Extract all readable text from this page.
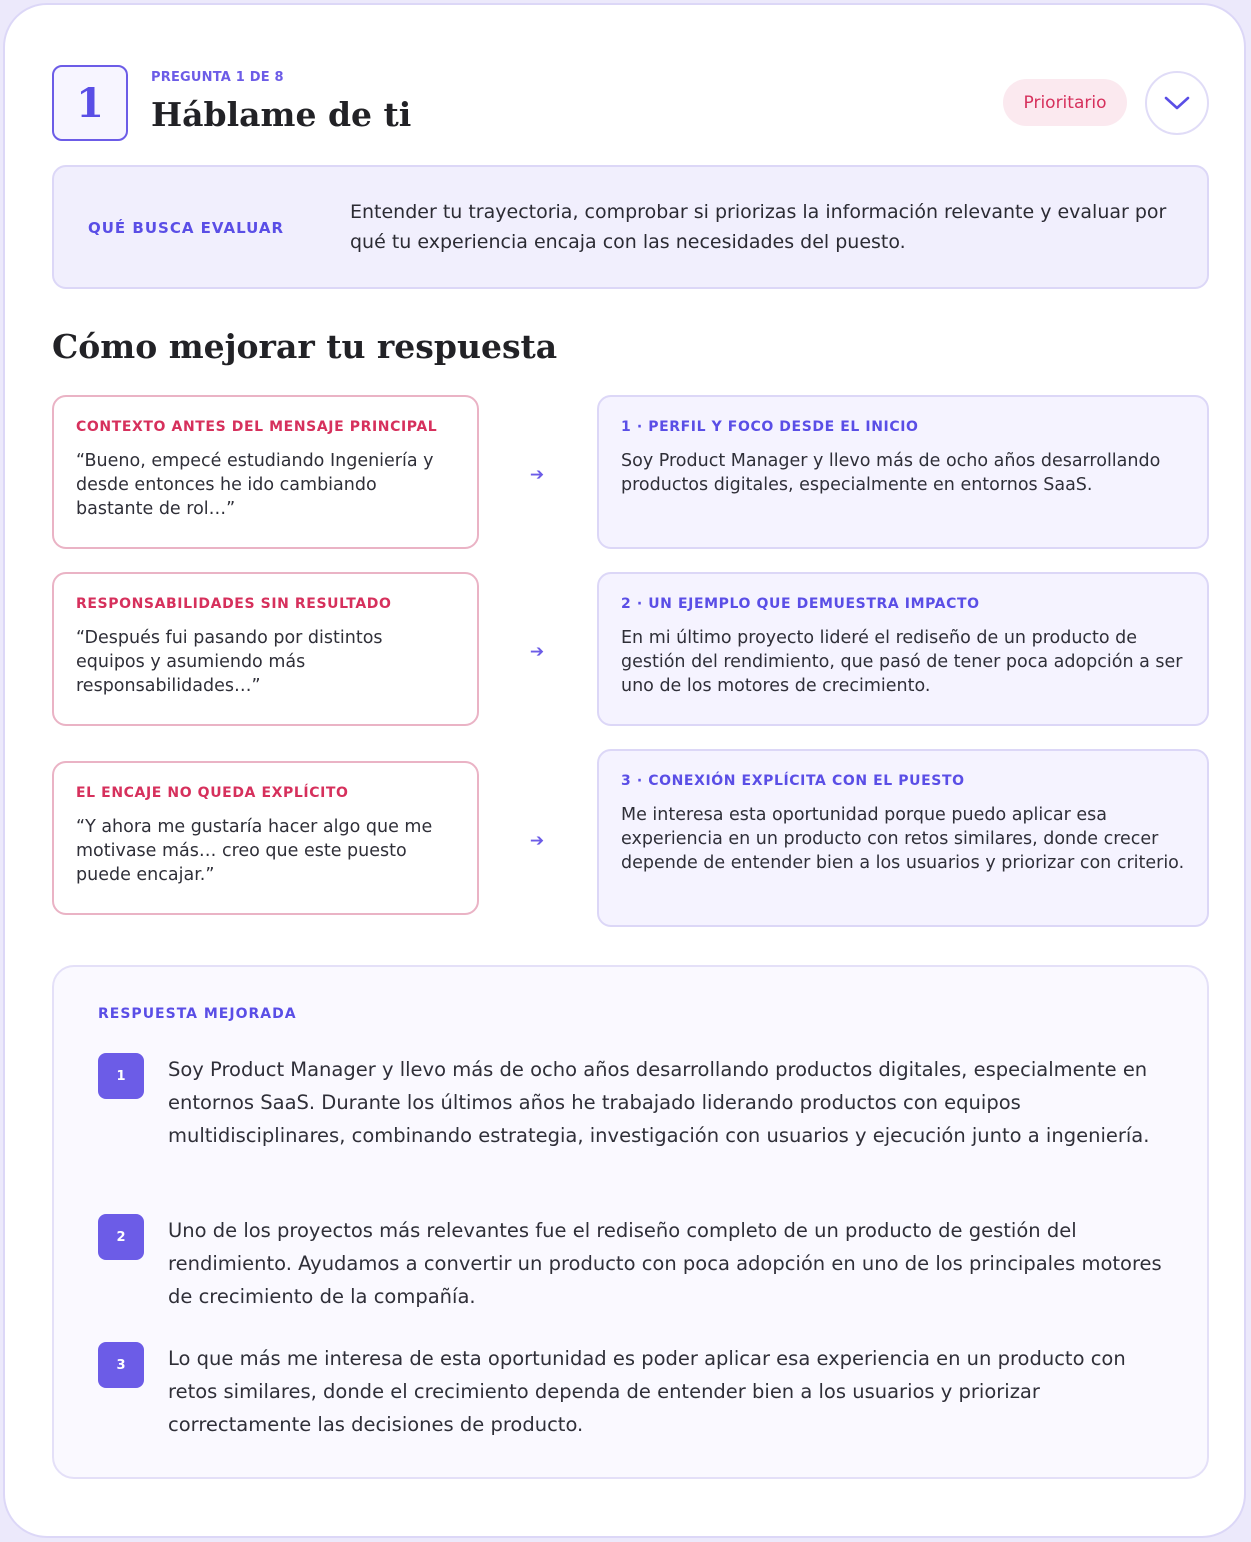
1
PREGUNTA 1 DE 8
Háblame de ti	Prioritario
QUÉ BUSCA EVALUAR
Entender tu trayectoria, comprobar si priorizas la información relevante y evaluar por qué tu experiencia encaja con las necesidades del puesto.
Cómo mejorar tu respuesta
CONTEXTO ANTES DEL MENSAJE PRINCIPAL
“Bueno, empecé estudiando Ingeniería y desde entonces he ido cambiando bastante de rol…”
➔
1 · PERFIL Y FOCO DESDE EL INICIO
Soy Product Manager y llevo más de ocho años desarrollando productos digitales, especialmente en entornos SaaS.
RESPONSABILIDADES SIN RESULTADO
“Después fui pasando por distintos equipos y asumiendo más responsabilidades…”
➔
2 · UN EJEMPLO QUE DEMUESTRA IMPACTO
En mi último proyecto lideré el rediseño de un producto de gestión del rendimiento, que pasó de tener poca adopción a ser uno de los motores de crecimiento.
EL ENCAJE NO QUEDA EXPLÍCITO
“Y ahora me gustaría hacer algo que me motivase más… creo que este puesto puede encajar.”
➔
3 · CONEXIÓN EXPLÍCITA CON EL PUESTO
Me interesa esta oportunidad porque puedo aplicar esa experiencia en un producto con retos similares, donde crecer depende de entender bien a los usuarios y priorizar con criterio.
RESPUESTA MEJORADA
1	Soy Product Manager y llevo más de ocho años desarrollando productos digitales, especialmente en entornos SaaS. Durante los últimos años he trabajado liderando productos con equipos multidisciplinares, combinando estrategia, investigación con usuarios y ejecución junto a ingeniería.
2	Uno de los proyectos más relevantes fue el rediseño completo de un producto de gestión del rendimiento. Ayudamos a convertir un producto con poca adopción en uno de los principales motores de crecimiento de la compañía.
3	Lo que más me interesa de esta oportunidad es poder aplicar esa experiencia en un producto con retos similares, donde el crecimiento dependa de entender bien a los usuarios y priorizar correctamente las decisiones de producto.
